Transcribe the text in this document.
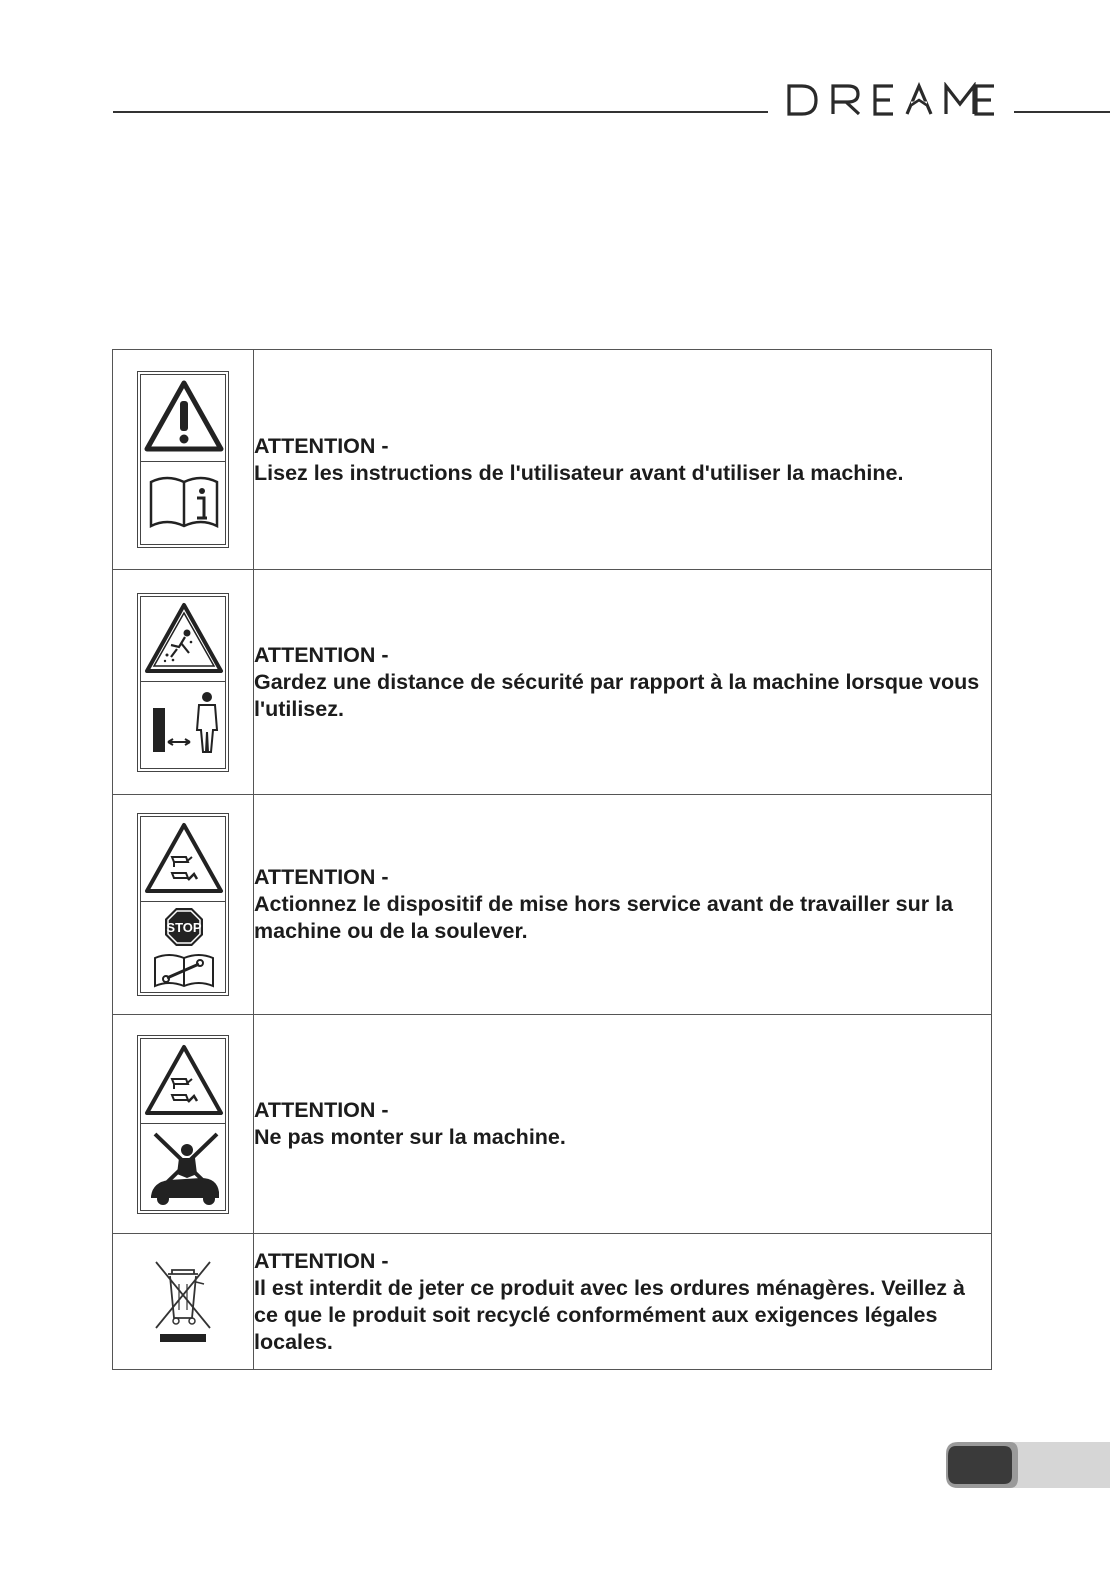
ATTENTION -
Lisez les instructions de l'utilisateur avant d'utiliser la machine.

ATTENTION -
Gardez une distance de sécurité par rapport à la machine lorsque vous l'utilisez.

STOP	ATTENTION -
Actionnez le dispositif de mise hors service avant de travailler sur la machine ou de la soulever.

ATTENTION -
Ne pas monter sur la machine.

ATTENTION -
Il est interdit de jeter ce produit avec les ordures ménagères. Veillez à ce que le produit soit recyclé conformément aux exigences légales locales.
